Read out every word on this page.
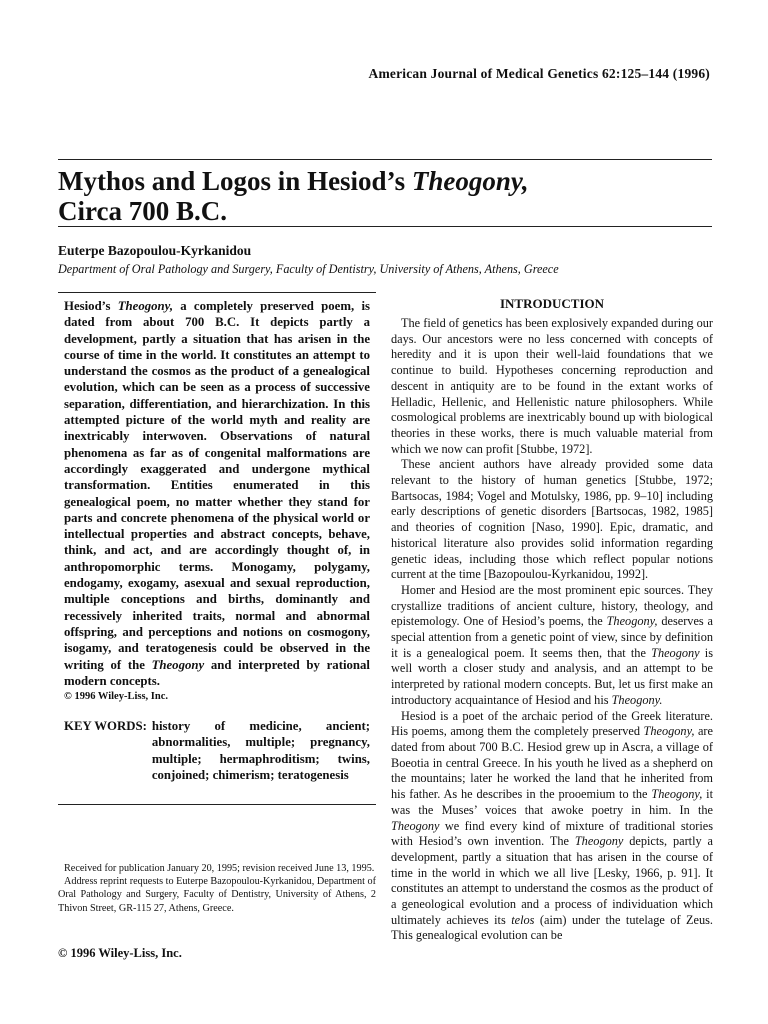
American Journal of Medical Genetics 62:125–144 (1996)
Mythos and Logos in Hesiod’s Theogony,
Circa 700 B.C.
Euterpe Bazopoulou-Kyrkanidou
Department of Oral Pathology and Surgery, Faculty of Dentistry, University of Athens, Athens, Greece

Hesiod’s Theogony, a completely preserved poem, is dated from about 700 B.C. It depicts partly a development, partly a situation that has arisen in the course of time in the world. It constitutes an attempt to understand the cosmos as the product of a genealogical evolution, which can be seen as a process of successive separation, differentiation, and hierarchization. In this attempted picture of the world myth and reality are inextricably interwoven. Observations of natural phenomena as far as of congenital malformations are accordingly exaggerated and undergone mythical transformation. Entities enumerated in this genealogical poem, no matter whether they stand for parts and concrete phenomena of the physical world or intellectual properties and abstract concepts, behave, think, and act, and are accordingly thought of, in anthropomorphic terms. Monogamy, polygamy, endogamy, exogamy, asexual and sexual reproduction, multiple conceptions and births, dominantly and recessively inherited traits, normal and abnormal offspring, and perceptions and notions on cosmogony, isogamy, and teratogenesis could be observed in the writing of the Theogony and interpreted by rational modern concepts.

© 1996 Wiley-Liss, Inc.
KEY WORDS: history of medicine, ancient; abnormalities, multiple; pregnancy, multiple; hermaphroditism; twins, conjoined; chimerism; teratogenesis

Received for publication January 20, 1995; revision received June 13, 1995.

Address reprint requests to Euterpe Bazopoulou-Kyrkanidou, Department of Oral Pathology and Surgery, Faculty of Dentistry, University of Athens, 2 Thivon Street, GR-115 27, Athens, Greece.

© 1996 Wiley-Liss, Inc.
INTRODUCTION

The field of genetics has been explosively expanded during our days. Our ancestors were no less concerned with concepts of heredity and it is upon their well-laid foundations that we continue to build. Hypotheses concerning reproduction and descent in antiquity are to be found in the extant works of Helladic, Hellenic, and Hellenistic nature philosophers. While cosmological problems are inextricably bound up with biological theories in these works, there is much valuable material from which we now can profit [Stubbe, 1972].

These ancient authors have already provided some data relevant to the history of human genetics [Stubbe, 1972; Bartsocas, 1984; Vogel and Motulsky, 1986, pp. 9–10] including early descriptions of genetic disorders [Bartsocas, 1982, 1985] and theories of cognition [Naso, 1990]. Epic, dramatic, and historical literature also provides solid information regarding genetic ideas, including those which reflect popular notions current at the time [Bazopoulou-Kyrkanidou, 1992].

Homer and Hesiod are the most prominent epic sources. They crystallize traditions of ancient culture, history, theology, and epistemology. One of Hesiod’s poems, the Theogony, deserves a special attention from a genetic point of view, since by definition it is a genealogical poem. It seems then, that the Theogony is well worth a closer study and analysis, and an attempt to be interpreted by rational modern concepts. But, let us first make an introductory acquaintance of Hesiod and his Theogony.

Hesiod is a poet of the archaic period of the Greek literature. His poems, among them the completely preserved Theogony, are dated from about 700 B.C. Hesiod grew up in Ascra, a village of Boeotia in central Greece. In his youth he lived as a shepherd on the mountains; later he worked the land that he inherited from his father. As he describes in the prooemium to the Theogony, it was the Muses’ voices that awoke poetry in him. In the Theogony we find every kind of mixture of traditional stories with Hesiod’s own invention. The Theogony depicts, partly a development, partly a situation that has arisen in the course of time in the world in which we all live [Lesky, 1966, p. 91]. It constitutes an attempt to understand the cosmos as the product of a geneological evolution and a process of individuation which ultimately achieves its telos (aim) under the tutelage of Zeus. This genealogical evolution can be
